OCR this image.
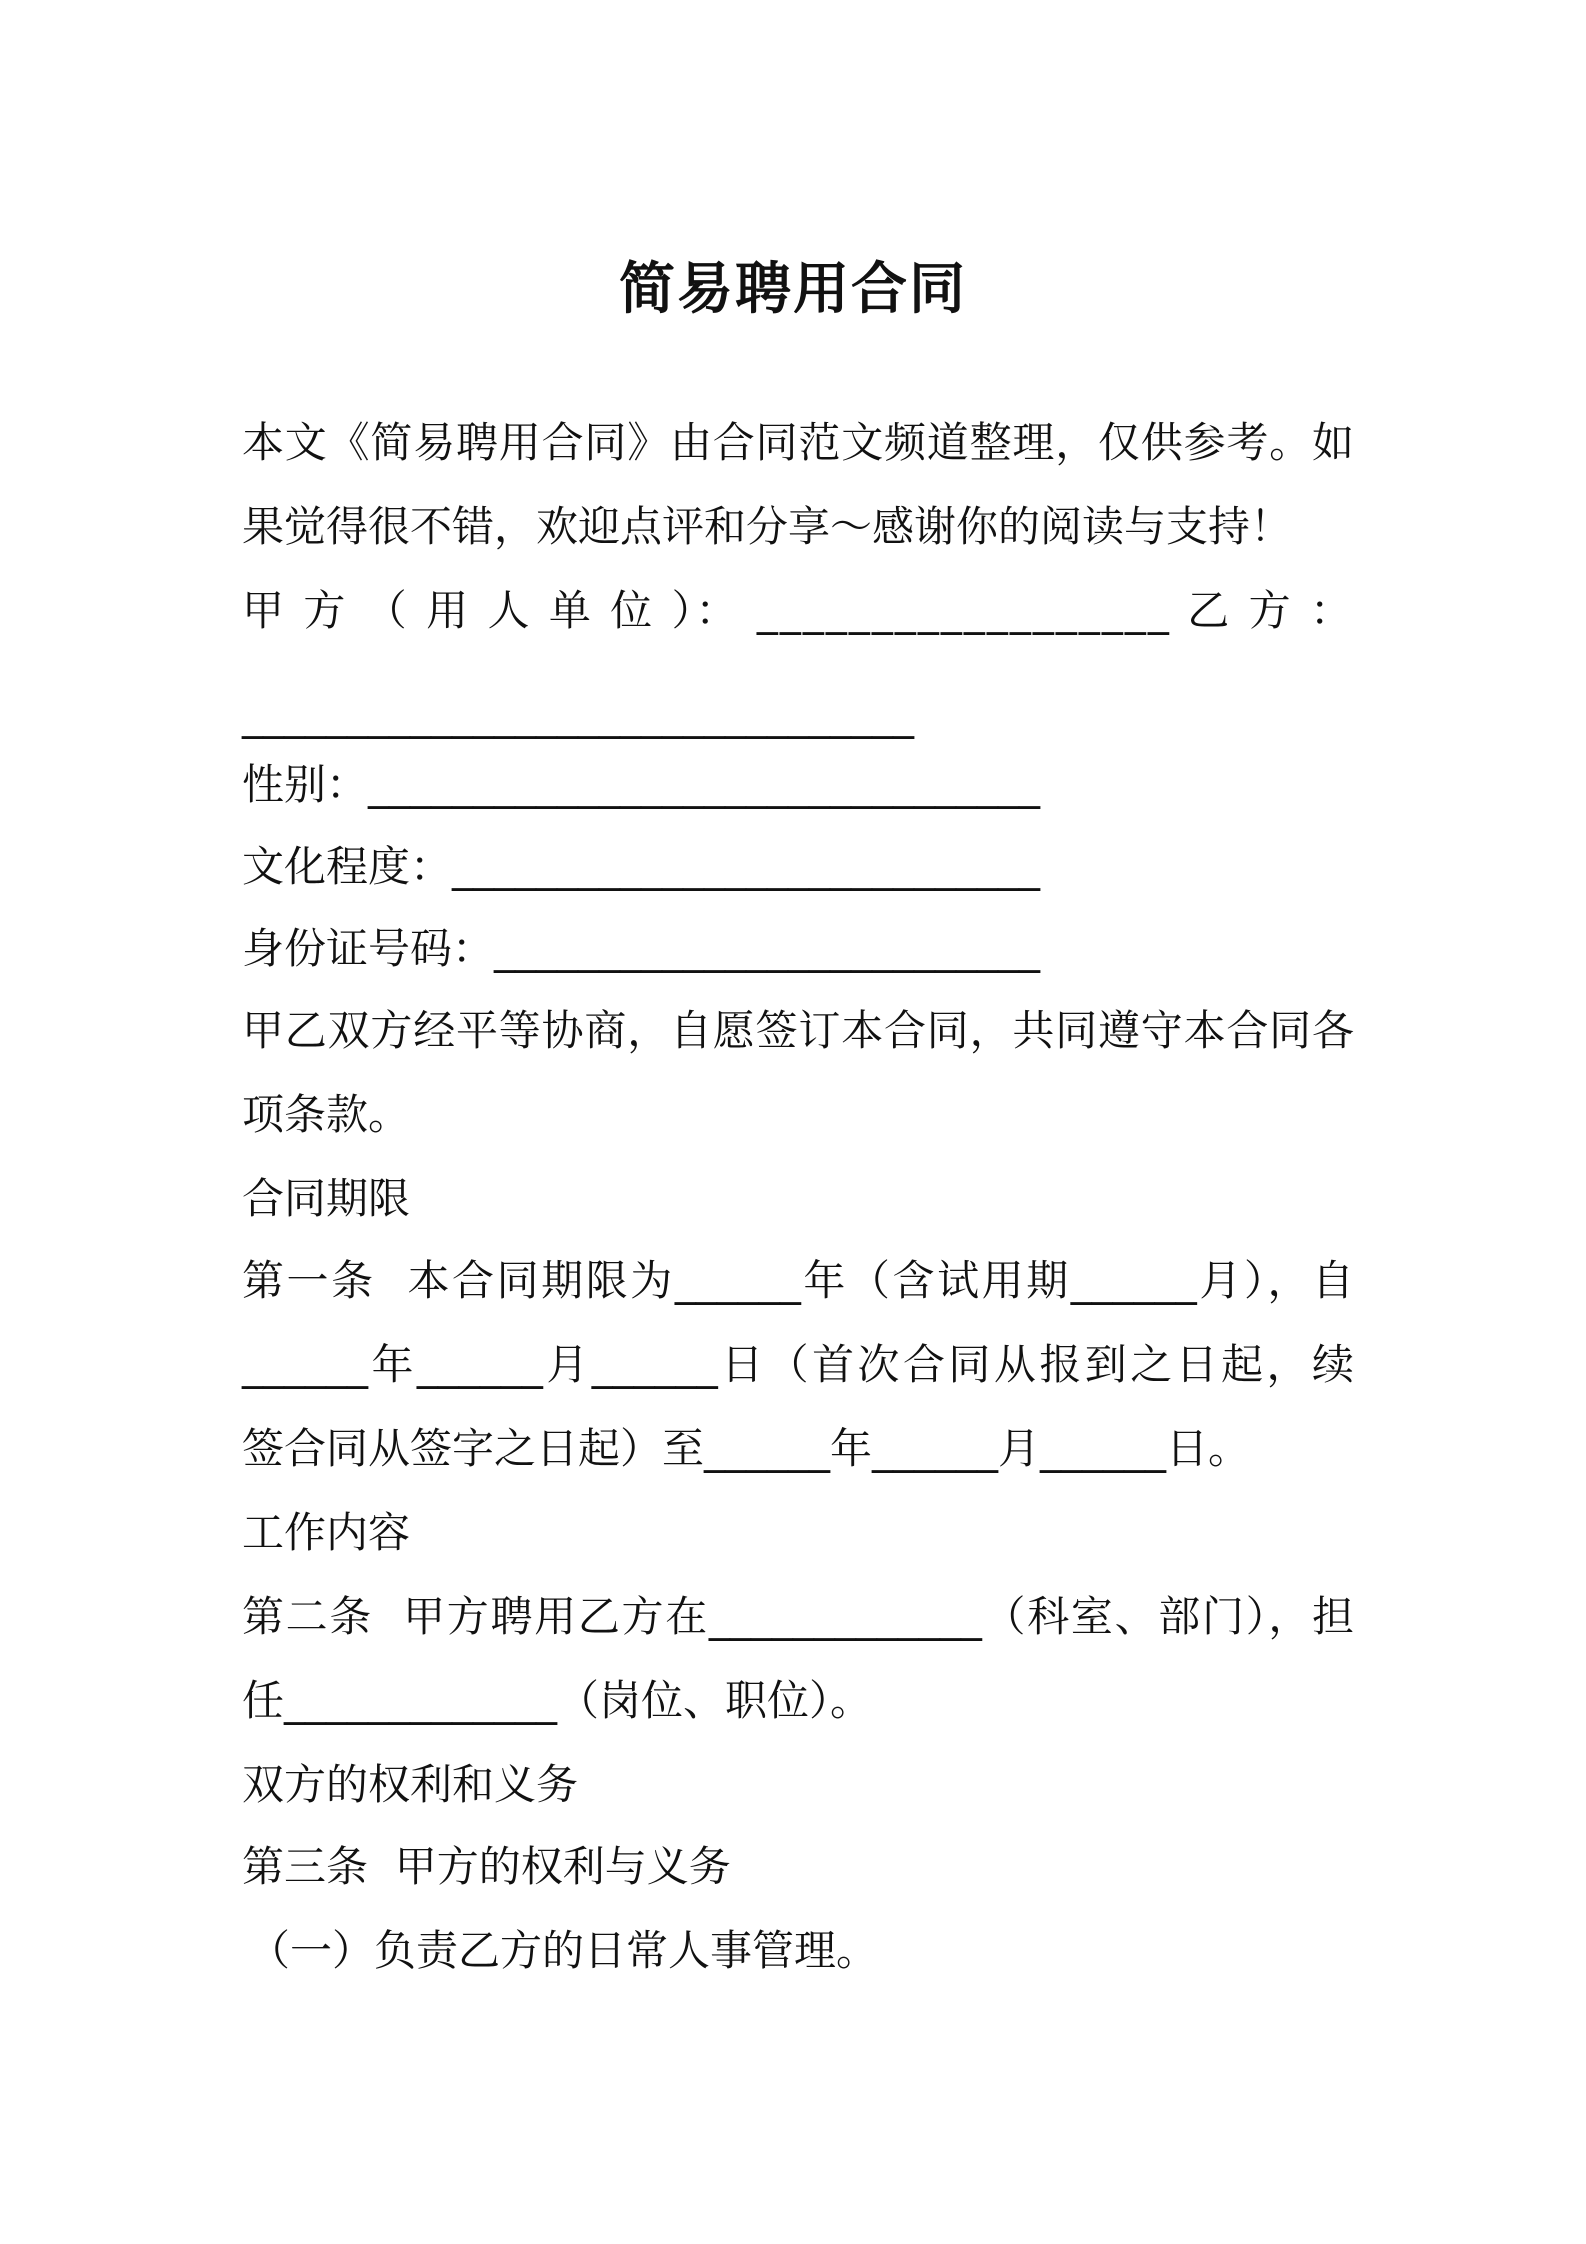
简易聘用合同
本文《简易聘用合同》由合同范文频道整理，仅供参考。如
果觉得很不错，欢迎点评和分享～感谢你的阅读与支持！
甲 方 （ 用 人 单 位 ）： __________________ 乙 方 ：
________________________________
性别：________________________________
文化程度：____________________________
身份证号码：__________________________
甲乙双方经平等协商，自愿签订本合同，共同遵守本合同各
项条款。
合同期限
第一条  本合同期限为______年（含试用期______月），自
______年______月______日（首次合同从报到之日起，续
签合同从签字之日起）至______年______月______日。
工作内容
第二条  甲方聘用乙方在_____________（科室、部门），担
任_____________（岗位、职位）。
双方的权利和义务
第三条  甲方的权利与义务
（一）负责乙方的日常人事管理。
